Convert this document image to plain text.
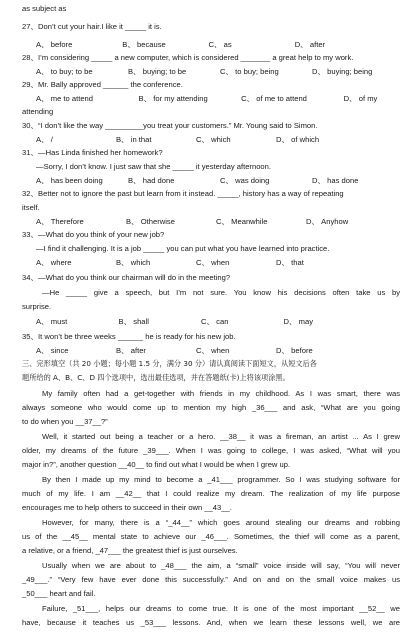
as subject as
27、Don’t cut your hair.I like it _____ it is.
A、 before	B、 because	C、 as	D、 after
28、I’m considering _____ a new computer, which is considered _______ a great help to my work.
A、 to buy; to be	B、 buying; to be	C、 to buy; being	D、 buying; being
29、Mr. Bally approved ______ the conference.
A、 me to attend	B、 for my attending	C、 of me to attend	D、 of my
attending
30、“I don’t like the way _________you treat your customers.” Mr. Young said to Simon.
A、 /	B、 in that	C、 which	D、 of which
31、—Has Linda finished her homework?
—Sorry, I don’t know. I just saw that she _____ it yesterday afternoon.
A、 has been doing	B、 had done	C、 was doing	D、 has done
32、Better not to ignore the past but learn from it instead. _____, history has a way of repeating
itself.
A、 Therefore	B、 Otherwise	C、 Meanwhile	D、 Anyhow
33、—What do you think of your new job?
—I find it challenging. It is a job _____ you can put what you have learned into practice.
A、 where	B、 which	C、 when	D、 that
34、—What do you think our chairman will do in the meeting?
—He _____ give a speech, but I’m not sure. You know his decisions often take us by
surprise.
A、 must	B、 shall	C、 can	D、 may
35、It won’t be three weeks ______ he is ready for his new job.
A、 since	B、 after	C、 when	D、 before
三、完形填空（共 20 小题；每小题 1.5 分，满分 30 分）请认真阅读下面短文，从短文后各
题所给的 A、B、C、D 四个选项中，选出最佳选项，并在答题纸(卡)上将该项涂黑。
My family often had a get-together with friends in my childhood. As I was smart, there was
always someone who would come up to mention my high _36___ and ask, “What are you going
to do when you __37__?”
Well, it started out being a teacher or a hero. __38__ it was a fireman, an artist ... As I grew
older, my dreams of the future _39___. When I was going to college, I was asked, “What will you
major in?”, another question __40__ to find out what I would be when I grew up.
By then I made up my mind to become a _41___ programmer. So I was studying software for
much of my life. I am __42__ that I could realize my dream. The realization of my life purpose
encourages me to help others to succeed in their own __43__.
However, for many, there is a “_44__” which goes around stealing our dreams and robbing
us of the __45__ mental state to achieve our _46___. Sometimes, the thief will come as a parent,
a relative, or a friend, _47___ the greatest thief is just ourselves.
Usually when we are about to _48___ the aim, a “small” voice inside will say, “You will never
_49___.” “Very few have ever done this successfully.” And on and on the small voice makes us
_50___ heart and fail.
Failure, _51___, helps our dreams to come true. It is one of the most important __52__ we
have, because it teaches us _53___ lessons. And, when we learn these lessons well, we are
